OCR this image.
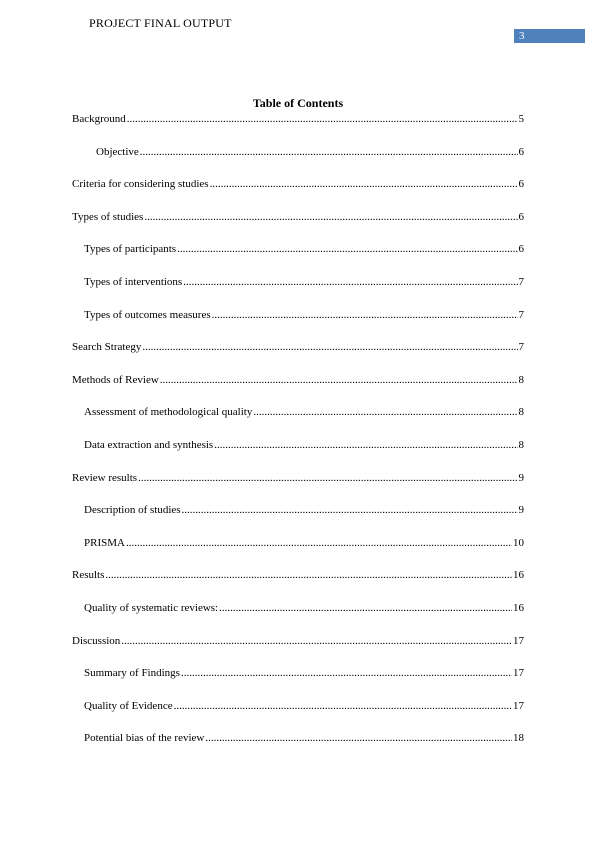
PROJECT FINAL OUTPUT
3
Table of Contents
Background .....	5
Objective .....	6
Criteria for considering studies .....	6
Types of studies .....	6
Types of participants .....	6
Types of interventions .....	7
Types of outcomes measures .....	7
Search Strategy .....	7
Methods of Review .....	8
Assessment of methodological quality .....	8
Data extraction and synthesis .....	8
Review results .....	9
Description of studies .....	9
PRISMA .....	10
Results .....	16
Quality of systematic reviews: .....	16
Discussion .....	17
Summary of Findings .....	17
Quality of Evidence .....	17
Potential bias of the review .....	18
